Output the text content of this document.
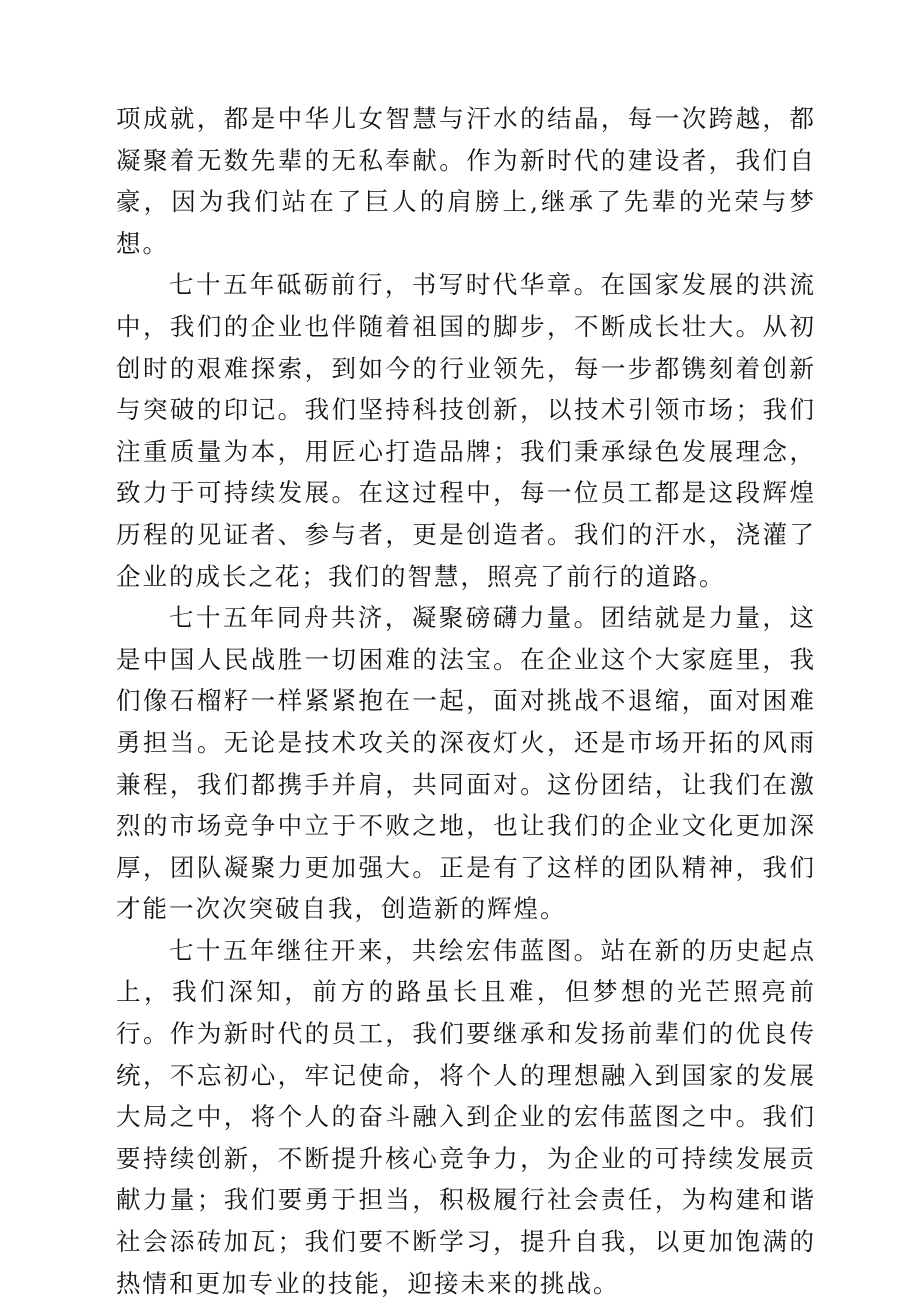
项成就，都是中华儿女智慧与汗水的结晶，每一次跨越，都凝聚着无数先辈的无私奉献。作为新时代的建设者，我们自豪，因为我们站在了巨人的肩膀上,继承了先辈的光荣与梦想。

七十五年砥砺前行，书写时代华章。在国家发展的洪流中，我们的企业也伴随着祖国的脚步，不断成长壮大。从初创时的艰难探索，到如今的行业领先，每一步都镌刻着创新与突破的印记。我们坚持科技创新，以技术引领市场；我们注重质量为本，用匠心打造品牌；我们秉承绿色发展理念，致力于可持续发展。在这过程中，每一位员工都是这段辉煌历程的见证者、参与者，更是创造者。我们的汗水，浇灌了企业的成长之花；我们的智慧，照亮了前行的道路。

七十五年同舟共济，凝聚磅礴力量。团结就是力量，这是中国人民战胜一切困难的法宝。在企业这个大家庭里，我们像石榴籽一样紧紧抱在一起，面对挑战不退缩，面对困难勇担当。无论是技术攻关的深夜灯火，还是市场开拓的风雨兼程，我们都携手并肩，共同面对。这份团结，让我们在激烈的市场竞争中立于不败之地，也让我们的企业文化更加深厚，团队凝聚力更加强大。正是有了这样的团队精神，我们才能一次次突破自我，创造新的辉煌。

七十五年继往开来，共绘宏伟蓝图。站在新的历史起点上，我们深知，前方的路虽长且难，但梦想的光芒照亮前行。作为新时代的员工，我们要继承和发扬前辈们的优良传统，不忘初心，牢记使命，将个人的理想融入到国家的发展大局之中，将个人的奋斗融入到企业的宏伟蓝图之中。我们要持续创新，不断提升核心竞争力，为企业的可持续发展贡献力量；我们要勇于担当，积极履行社会责任，为构建和谐社会添砖加瓦；我们要不断学习，提升自我，以更加饱满的热情和更加专业的技能，迎接未来的挑战。
